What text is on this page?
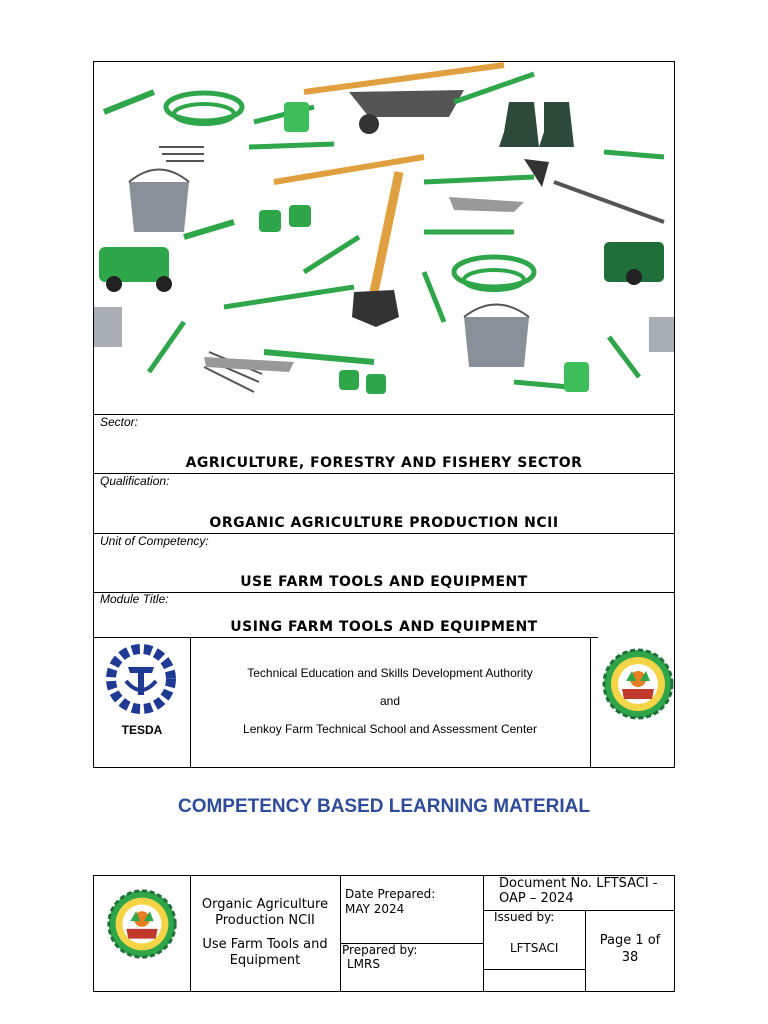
Sector:
AGRICULTURE, FORESTRY AND FISHERY SECTOR
Qualification:
ORGANIC AGRICULTURE PRODUCTION NCII
Unit of Competency:
USE FARM TOOLS AND EQUIPMENT
Module Title:
USING FARM TOOLS AND EQUIPMENT
TESDA
Technical Education and Skills Development Authority
and
Lenkoy Farm Technical School and Assessment Center
COMPETENCY BASED LEARNING MATERIAL
Organic Agriculture
Production NCII
Use Farm Tools and
Equipment
Date Prepared:
MAY 2024
Prepared by:
LMRS
Document No. LFTSACI -
OAP – 2024
Issued by:
LFTSACI	Page 1 of
38
